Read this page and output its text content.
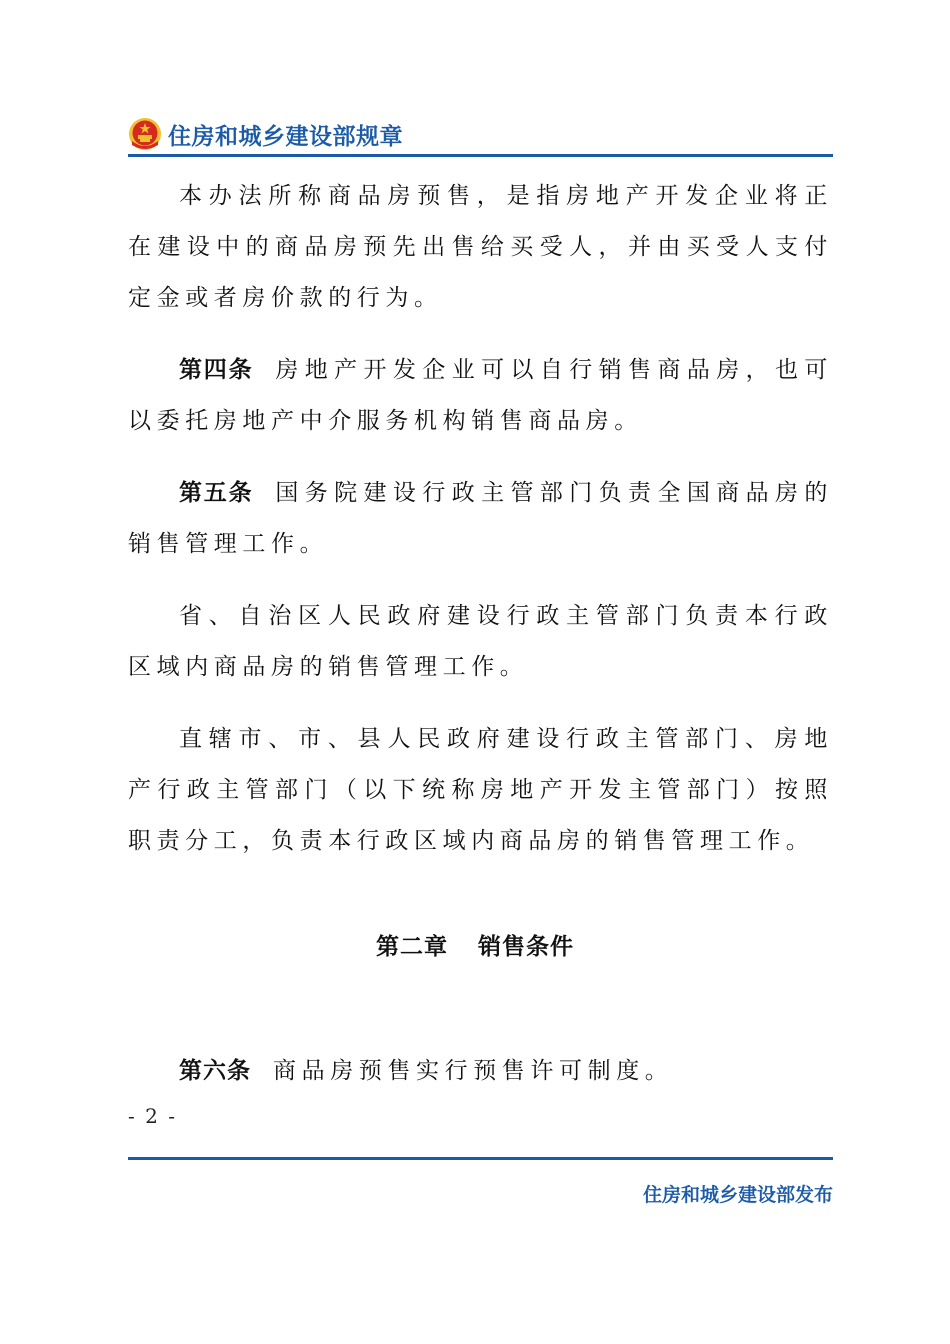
住房和城乡建设部规章

本办法所称商品房预售，是指房地产开发企业将正在建设中的商品房预先出售给买受人，并由买受人支付定金或者房价款的行为。

第四条 房地产开发企业可以自行销售商品房，也可以委托房地产中介服务机构销售商品房。

第五条 国务院建设行政主管部门负责全国商品房的销售管理工作。

省、自治区人民政府建设行政主管部门负责本行政区域内商品房的销售管理工作。

直辖市、市、县人民政府建设行政主管部门、房地产行政主管部门（以下统称房地产开发主管部门）按照职责分工，负责本行政区域内商品房的销售管理工作。

第二章 销售条件

第六条 商品房预售实行预售许可制度。

- 2 -
住房和城乡建设部发布
